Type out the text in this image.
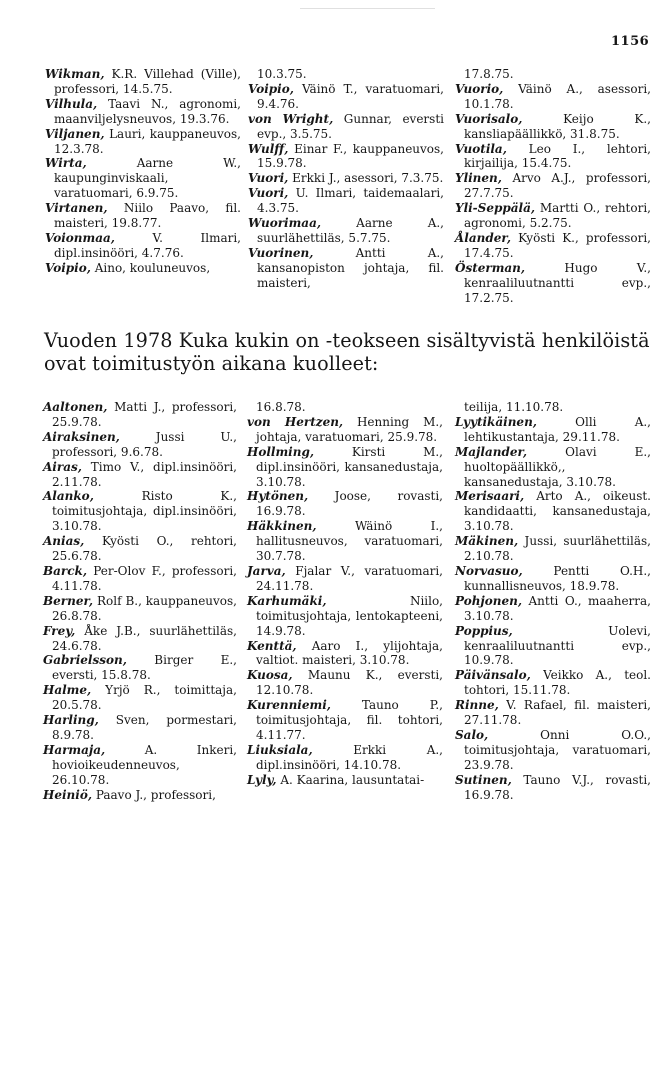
1156

Wikman, K.R. Villehad (Ville), professori, 14.5.75.

Vilhula, Taavi N., agronomi, maanviljelysneuvos, 19.3.76.

Viljanen, Lauri, kauppaneuvos, 12.3.78.

Wirta, Aarne W., kaupunginviskaali, varatuomari, 6.9.75.

Virtanen, Niilo Paavo, fil. maisteri, 19.8.77.

Voionmaa, V. Ilmari, dipl.insinööri, 4.7.76.

Voipio, Aino, kouluneuvos,

10.3.75.

Voipio, Väinö T., varatuomari, 9.4.76.

von Wright, Gunnar, eversti evp., 3.5.75.

Wulff, Einar F., kauppaneuvos, 15.9.78.

Vuori, Erkki J., asessori, 7.3.75.

Vuori, U. Ilmari, taidemaalari, 4.3.75.

Wuorimaa, Aarne A., suurlähettiläs, 5.7.75.

Vuorinen, Antti A., kansanopiston johtaja, fil. maisteri,

17.8.75.

Vuorio, Väinö A., asessori, 10.1.78.

Vuorisalo, Keijo K., kansliapäällikkö, 31.8.75.

Vuotila, Leo I., lehtori, kirjailija, 15.4.75.

Ylinen, Arvo A.J., professori, 27.7.75.

Yli-Seppälä, Martti O., rehtori, agronomi, 5.2.75.

Ålander, Kyösti K., professori, 17.4.75.

Österman, Hugo V., kenraaliluutnantti evp., 17.2.75.

Vuoden 1978 Kuka kukin on -teokseen sisältyvistä henkilöistä ovat toimitustyön aikana kuolleet:

Aaltonen, Matti J., professori, 25.9.78.

Airaksinen, Jussi U., professori, 9.6.78.

Airas, Timo V., dipl.insinööri, 2.11.78.

Alanko, Risto K., toimitusjohtaja, dipl.insinööri, 3.10.78.

Anias, Kyösti O., rehtori, 25.6.78.

Barck, Per-Olov F., professori, 4.11.78.

Berner, Rolf B., kauppaneuvos, 26.8.78.

Frey, Åke J.B., suurlähettiläs, 24.6.78.

Gabrielsson, Birger E., eversti, 15.8.78.

Halme, Yrjö R., toimittaja, 20.5.78.

Harling, Sven, pormestari, 8.9.78.

Harmaja, A. Inkeri, hovioikeudenneuvos, 26.10.78.

Heiniö, Paavo J., professori,

16.8.78.

von Hertzen, Henning M., johtaja, varatuomari, 25.9.78.

Hollming, Kirsti M., dipl.insinööri, kansanedustaja, 3.10.78.

Hytönen, Joose, rovasti, 16.9.78.

Häkkinen, Wäinö I., hallitusneuvos, varatuomari, 30.7.78.

Jarva, Fjalar V., varatuomari, 24.11.78.

Karhumäki, Niilo, toimitusjohtaja, lentokapteeni, 14.9.78.

Kenttä, Aaro I., ylijohtaja, valtiot. maisteri, 3.10.78.

Kuosa, Maunu K., eversti, 12.10.78.

Kurenniemi, Tauno P., toimitusjohtaja, fil. tohtori, 4.11.77.

Liuksiala, Erkki A., dipl.insinööri, 14.10.78.

Lyly, A. Kaarina, lausuntatai-

teilija, 11.10.78.

Lyytikäinen, Olli A., lehtikustantaja, 29.11.78.

Majlander, Olavi E., huoltopäällikkö,, kansanedustaja, 3.10.78.

Merisaari, Arto A., oikeust. kandidaatti, kansanedustaja, 3.10.78.

Mäkinen, Jussi, suurlähettiläs, 2.10.78.

Norvasuo, Pentti O.H., kunnallisneuvos, 18.9.78.

Pohjonen, Antti O., maaherra, 3.10.78.

Poppius, Uolevi, kenraaliluutnantti evp., 10.9.78.

Päivänsalo, Veikko A., teol. tohtori, 15.11.78.

Rinne, V. Rafael, fil. maisteri, 27.11.78.

Salo, Onni O.O., toimitusjohtaja, varatuomari, 23.9.78.

Sutinen, Tauno V.J., rovasti, 16.9.78.
